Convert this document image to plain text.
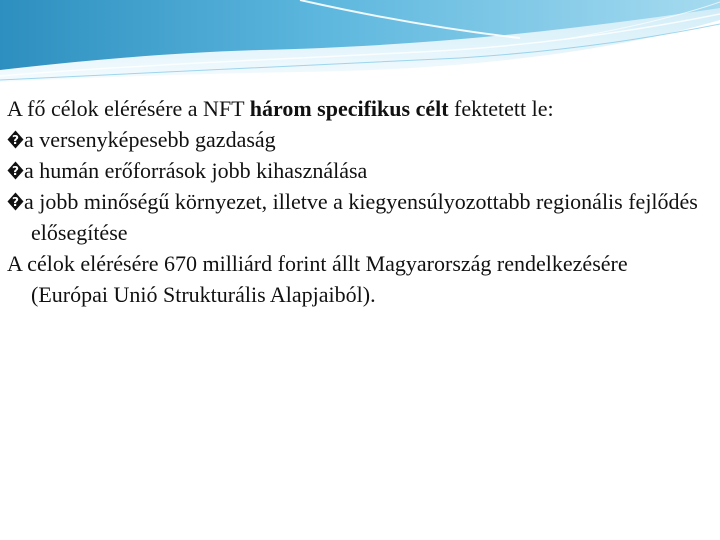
A fő célok elérésére a NFT három specifikus célt fektetett le:

? a versenyképesebb gazdaság

? a humán erőforrások jobb kihasználása

? a jobb minőségű környezet, illetve a kiegyensúlyozottabb regionális fejlődés elősegítése

A célok elérésére 670 milliárd forint állt Magyarország rendelkezésére (Európai Unió Strukturális Alapjaiból).
